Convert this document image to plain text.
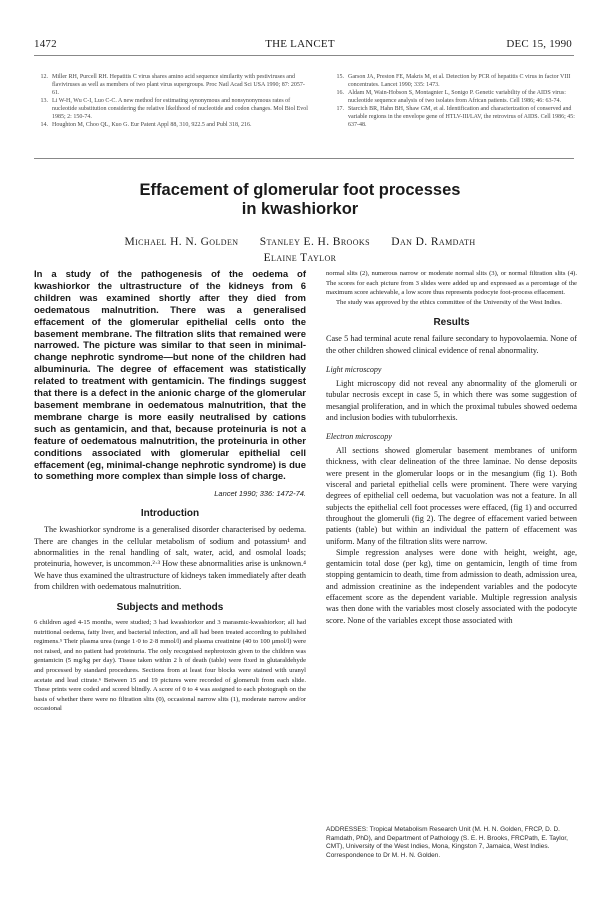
1472	THE LANCET	DEC 15, 1990
12. Miller RH, Purcell RH. Hepatitis C virus shares amino acid sequence similarity with pestiviruses and flaviviruses as well as members of two plant virus supergroups. Proc Natl Acad Sci USA 1990; 87: 2057-61.
13. Li W-H, Wu C-I, Luo C-C. A new method for estimating synonymous and nonsynonymous rates of nucleotide substitution considering the relative likelihood of nucleotide and codon changes. Mol Biol Evol 1985; 2: 150-74.
14. Houghton M, Choo QL, Kuo G. Eur Patent Appl 88, 310, 922.5 and Publ 318, 216.
15. Garson JA, Preston FE, Makris M, et al. Detection by PCR of hepatitis C virus in factor VIII concentrates. Lancet 1990; 335: 1473.
16. Aldam M, Wain-Hobson S, Montagnier L, Sonigo P. Genetic variability of the AIDS virus: nucleotide sequence analysis of two isolates from African patients. Cell 1986; 46: 63-74.
17. Starcich BR, Hahn BH, Shaw GM, et al. Identification and characterization of conserved and variable regions in the envelope gene of HTLV-III/LAV, the retrovirus of AIDS. Cell 1986; 45: 637-48.
Effacement of glomerular foot processes
in kwashiorkor
Michael H. N. Golden Stanley E. H. Brooks Dan D. Ramdath
Elaine Taylor

In a study of the pathogenesis of the oedema of kwashiorkor the ultrastructure of the kidneys from 6 children was examined shortly after they died from oedematous malnutrition. There was a generalised effacement of the glomerular epithelial cells onto the basement membrane. The filtration slits that remained were narrowed. The picture was similar to that seen in minimal-change nephrotic syndrome—but none of the children had albuminuria. The degree of effacement was statistically related to treatment with gentamicin. The findings suggest that there is a defect in the anionic charge of the glomerular basement membrane in oedematous malnutrition, that the membrane charge is more easily neutralised by cations such as gentamicin, and that, because proteinuria is not a feature of oedematous malnutrition, the proteinuria in other conditions associated with glomerular epithelial cell effacement (eg, minimal-change nephrotic syndrome) is due to something more complex than simple loss of charge.

Lancet 1990; 336: 1472-74.
Introduction

The kwashiorkor syndrome is a generalised disorder characterised by oedema. There are changes in the cellular metabolism of sodium and potassium¹ and abnormalities in the renal handling of salt, water, acid, and osmolal loads; proteinuria, however, is uncommon.²·³ How these abnormalities arise is unknown.⁴ We have thus examined the ultrastructure of kidneys taken immediately after death from children with oedematous malnutrition.

Subjects and methods

6 children aged 4-15 months, were studied; 3 had kwashiorkor and 3 marasmic-kwashiorkor; all had nutritional oedema, fatty liver, and bacterial infection, and all had been treated according to published regimens.⁵ Their plasma urea (range 1·0 to 2·8 mmol/l) and plasma creatinine (40 to 100 μmol/l) were not raised, and no patient had proteinuria. The only recognised nephrotoxin given to the children was gentamicin (5 mg/kg per day). Tissue taken within 2 h of death (table) were fixed in glutaraldehyde and processed by standard procedures. Sections from at least four blocks were stained with uranyl acetate and lead citrate.⁶ Between 15 and 19 pictures were recorded of glomeruli from each slide. These prints were coded and scored blindly. A score of 0 to 4 was assigned to each photograph on the basis of whether there were no filtration slits (0), occasional narrow slits (1), moderate narrow and/or occasional

normal slits (2), numerous narrow or moderate normal slits (3), or normal filtration slits (4). The scores for each picture from 3 slides were added up and expressed as a percentage of the maximum score achievable, a low score thus represents podocyte foot-process effacement.

The study was approved by the ethics committee of the University of the West Indies.

Results

Case 5 had terminal acute renal failure secondary to hypovolaemia. None of the other children showed clinical evidence of renal abnormality.

Light microscopy

Light microscopy did not reveal any abnormality of the glomeruli or tubular necrosis except in case 5, in which there was some suggestion of mesangial proliferation, and in which the proximal tubules showed oedema and inclusion bodies with tubulorrhexis.

Electron microscopy

All sections showed glomerular basement membranes of uniform thickness, with clear delineation of the three laminae. No dense deposits were present in the glomerular loops or in the mesangium (fig 1). Both visceral and parietal epithelial cells were prominent. There were varying degrees of epithelial cell oedema, but vacuolation was not a feature. In all subjects the epithelial cell foot processes were effaced, (fig 1) and occurred throughout the glomeruli (fig 2). The degree of effacement varied between patients (table) but within an individual the pattern of effacement was uniform. Many of the filtration slits were narrow.

Simple regression analyses were done with height, weight, age, gentamicin total dose (per kg), time on gentamicin, length of time from stopping gentamicin to death, time from admission to death, admission urea, and admission creatinine as the independent variables and the podocyte effacement score as the dependent variable. Multiple regression analysis was then done with the variables most closely associated with the podocyte score. None of the variables except those associated with

ADDRESSES: Tropical Metabolism Research Unit (M. H. N. Golden, FRCP, D. D. Ramdath, PhD), and Department of Pathology (S. E. H. Brooks, FRCPath, E. Taylor, CMT), University of the West Indies, Mona, Kingston 7, Jamaica, West Indies. Correspondence to Dr M. H. N. Golden.
